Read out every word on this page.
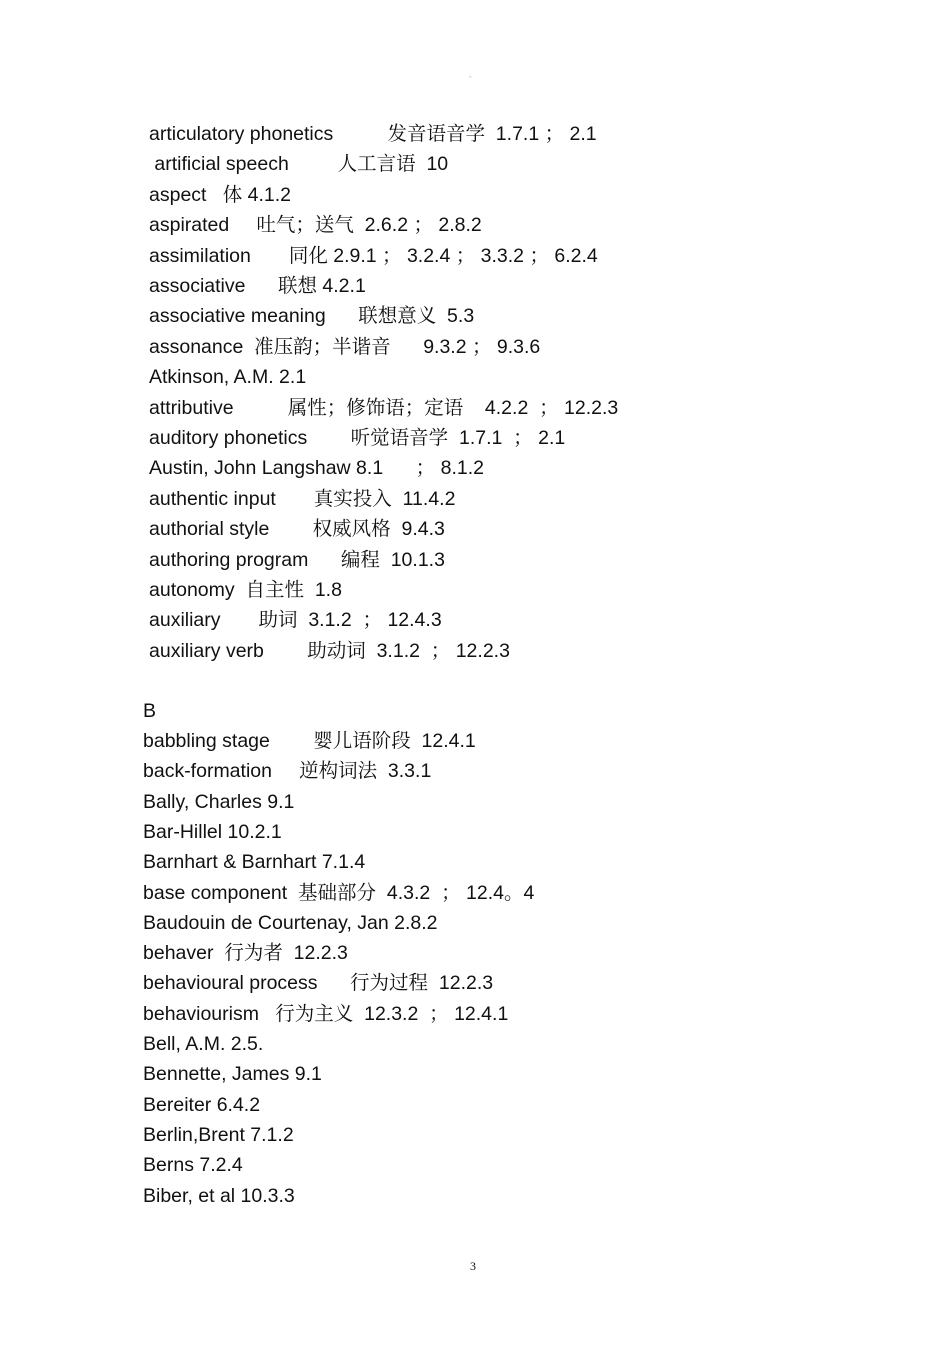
。
articulatory phonetics	发音语音学  1.7.1 ； 2.1
artificial speech	人工言语  10
aspect 体 4.1.2
aspirated 吐气；送气  2.6.2 ； 2.8.2
assimilation 同化 2.9.1 ； 3.2.4 ； 3.3.2 ； 6.2.4
associative 联想 4.2.1
associative meaning 联想意义  5.3
assonance 准压韵；半谐音      9.3.2 ； 9.3.6
Atkinson, A.M. 2.1
attributive	属性；修饰语；定语    4.2.2  ； 12.2.3
auditory phonetics 听觉语音学  1.7.1  ； 2.1
Austin, John Langshaw 8.1      ； 8.1.2
authentic input 真实投入  11.4.2
authorial style 权威风格  9.4.3
authoring program 编程  10.1.3
autonomy 自主性  1.8
auxiliary 助词  3.1.2  ； 12.4.3
auxiliary verb 助动词  3.1.2  ； 12.2.3
B
babbling stage 婴儿语阶段  12.4.1
back-formation 逆构词法  3.3.1
Bally, Charles 9.1
Bar-Hillel 10.2.1
Barnhart & Barnhart 7.1.4
base component 基础部分  4.3.2  ； 12.4。4
Baudouin de Courtenay, Jan 2.8.2
behaver 行为者  12.2.3
behavioural process 行为过程  12.2.3
behaviourism 行为主义  12.3.2  ； 12.4.1
Bell, A.M. 2.5.
Bennette, James 9.1
Bereiter 6.4.2
Berlin,Brent 7.1.2
Berns 7.2.4
Biber, et al 10.3.3
3
